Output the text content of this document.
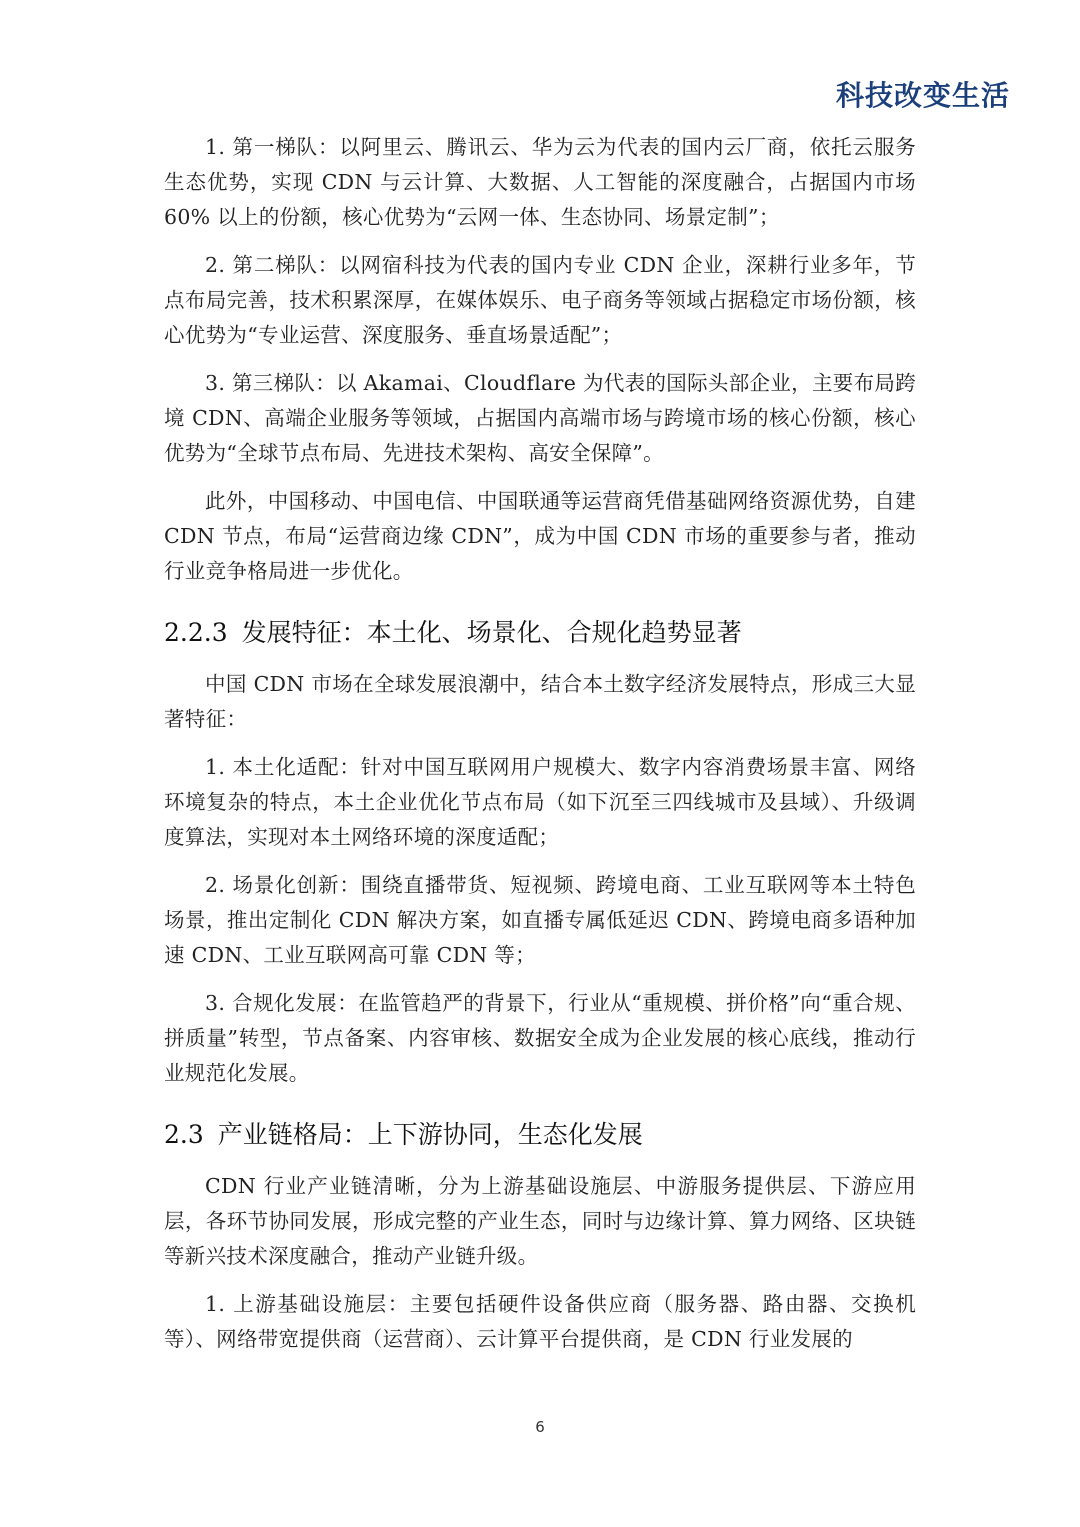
科技改变生活

1. 第一梯队：以阿里云、腾讯云、华为云为代表的国内云厂商，依托云服务生态优势，实现 CDN 与云计算、大数据、人工智能的深度融合，占据国内市场 60% 以上的份额，核心优势为“云网一体、生态协同、场景定制”；

2. 第二梯队：以网宿科技为代表的国内专业 CDN 企业，深耕行业多年，节点布局完善，技术积累深厚，在媒体娱乐、电子商务等领域占据稳定市场份额，核心优势为“专业运营、深度服务、垂直场景适配”；

3. 第三梯队：以 Akamai、Cloudflare 为代表的国际头部企业，主要布局跨境 CDN、高端企业服务等领域，占据国内高端市场与跨境市场的核心份额，核心优势为“全球节点布局、先进技术架构、高安全保障”。

此外，中国移动、中国电信、中国联通等运营商凭借基础网络资源优势，自建 CDN 节点，布局“运营商边缘 CDN”，成为中国 CDN 市场的重要参与者，推动行业竞争格局进一步优化。

2.2.3 发展特征：本土化、场景化、合规化趋势显著

中国 CDN 市场在全球发展浪潮中，结合本土数字经济发展特点，形成三大显著特征：

1. 本土化适配：针对中国互联网用户规模大、数字内容消费场景丰富、网络环境复杂的特点，本土企业优化节点布局（如下沉至三四线城市及县域）、升级调度算法，实现对本土网络环境的深度适配；

2. 场景化创新：围绕直播带货、短视频、跨境电商、工业互联网等本土特色场景，推出定制化 CDN 解决方案，如直播专属低延迟 CDN、跨境电商多语种加速 CDN、工业互联网高可靠 CDN 等；

3. 合规化发展：在监管趋严的背景下，行业从“重规模、拼价格”向“重合规、拼质量”转型，节点备案、内容审核、数据安全成为企业发展的核心底线，推动行业规范化发展。

2.3 产业链格局：上下游协同，生态化发展

CDN 行业产业链清晰，分为上游基础设施层、中游服务提供层、下游应用层，各环节协同发展，形成完整的产业生态，同时与边缘计算、算力网络、区块链等新兴技术深度融合，推动产业链升级。

1. 上游基础设施层：主要包括硬件设备供应商（服务器、路由器、交换机等）、网络带宽提供商（运营商）、云计算平台提供商，是 CDN 行业发展的

6
